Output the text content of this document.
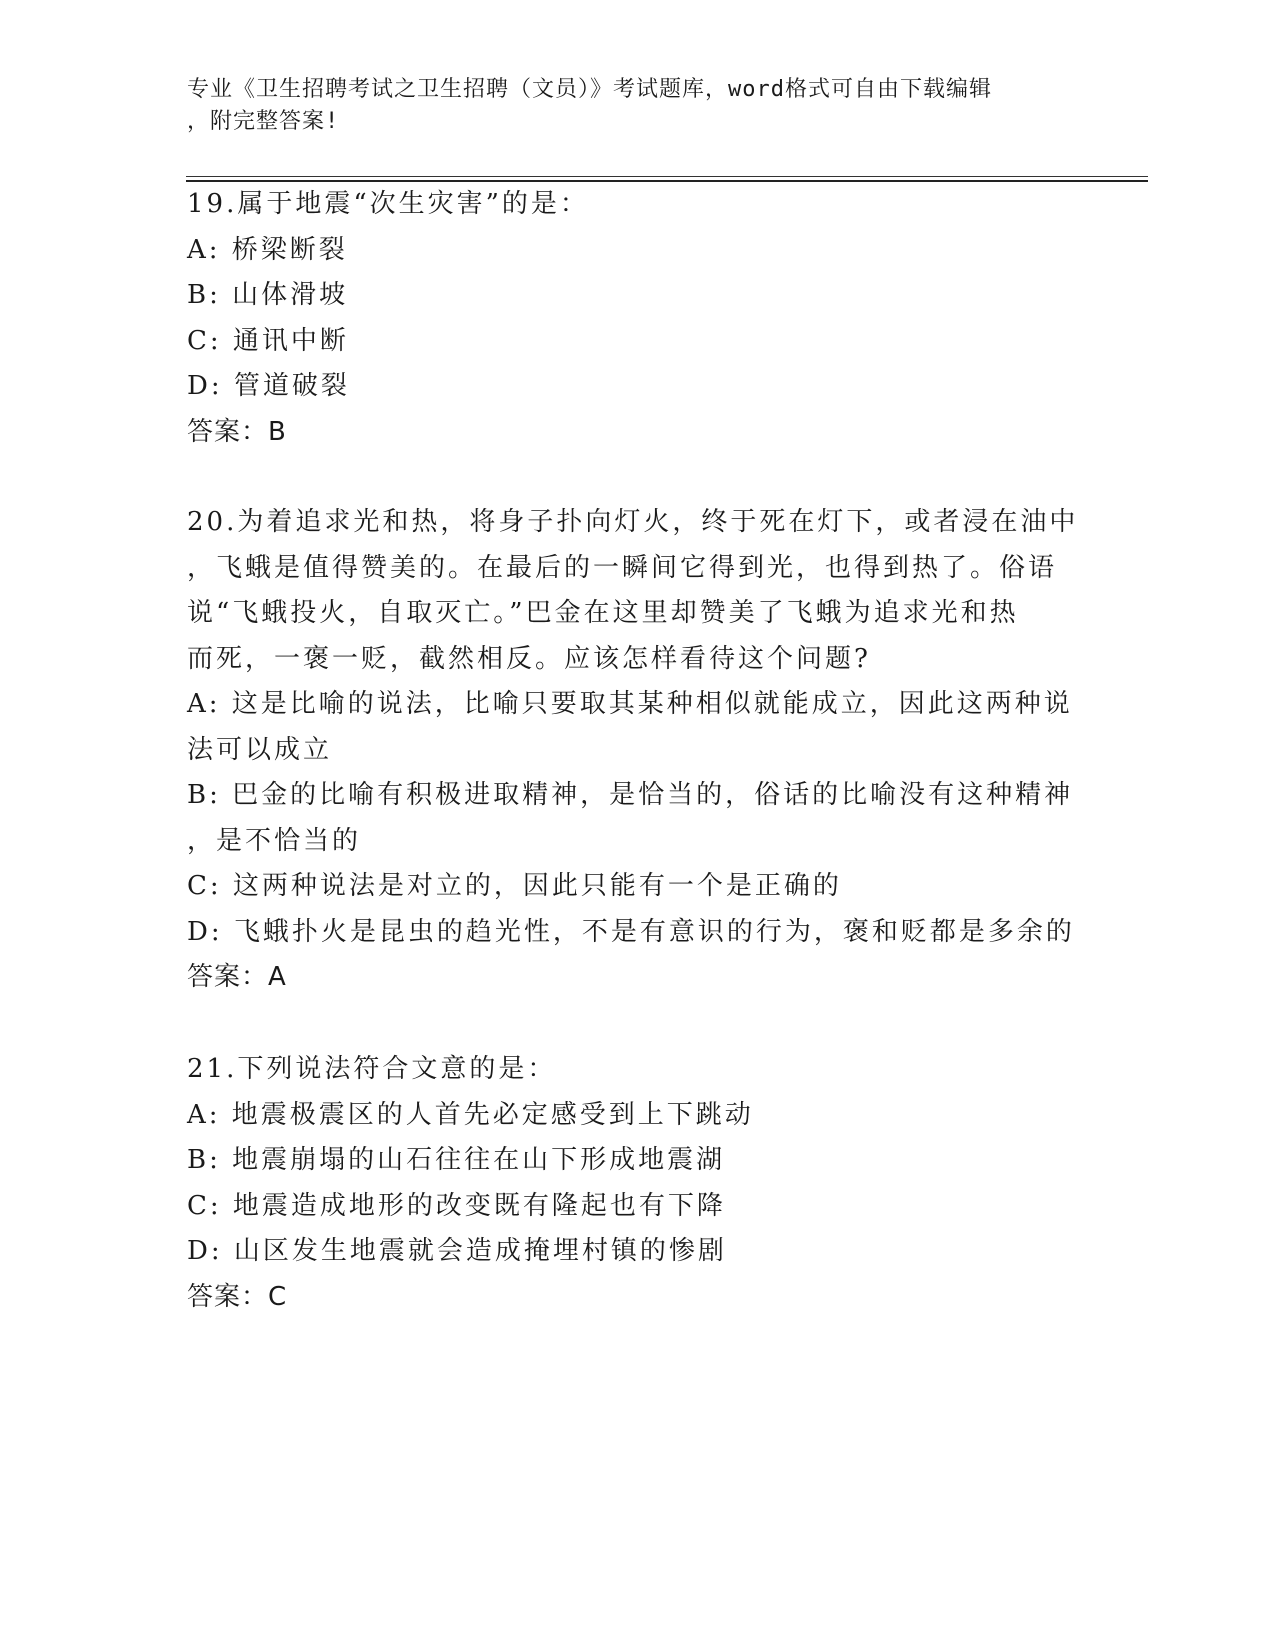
专业《卫生招聘考试之卫生招聘（文员）》考试题库，word格式可自由下载编辑
，附完整答案!
19.属于地震“次生灾害”的是：
A: 桥梁断裂
B: 山体滑坡
C: 通讯中断
D: 管道破裂
答案：B
20.为着追求光和热，将身子扑向灯火，终于死在灯下，或者浸在油中
，飞蛾是值得赞美的。在最后的一瞬间它得到光，也得到热了。俗语
说“飞蛾投火，自取灭亡。”巴金在这里却赞美了飞蛾为追求光和热
而死，一褒一贬，截然相反。应该怎样看待这个问题?
A: 这是比喻的说法，比喻只要取其某种相似就能成立，因此这两种说
法可以成立
B: 巴金的比喻有积极进取精神，是恰当的，俗话的比喻没有这种精神
，是不恰当的
C: 这两种说法是对立的，因此只能有一个是正确的
D: 飞蛾扑火是昆虫的趋光性，不是有意识的行为，褒和贬都是多余的
答案：A
21.下列说法符合文意的是：
A: 地震极震区的人首先必定感受到上下跳动
B: 地震崩塌的山石往往在山下形成地震湖
C: 地震造成地形的改变既有隆起也有下降
D: 山区发生地震就会造成掩埋村镇的惨剧
答案：C
